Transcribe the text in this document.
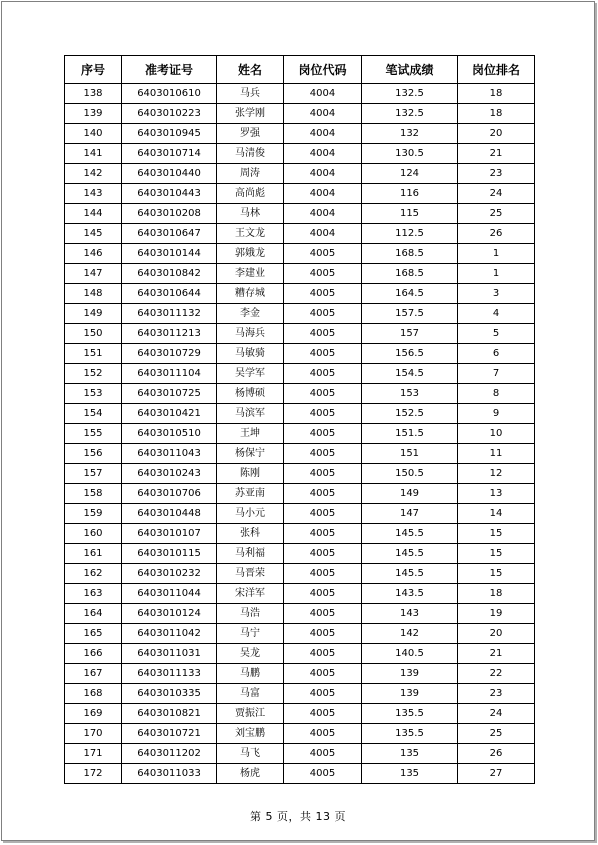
序号	准考证号	姓名	岗位代码	笔试成绩	岗位排名
138	6403010610	马兵	4004	132.5	18
139	6403010223	张学刚	4004	132.5	18
140	6403010945	罗强	4004	132	20
141	6403010714	马清俊	4004	130.5	21
142	6403010440	周涛	4004	124	23
143	6403010443	高尚彪	4004	116	24
144	6403010208	马林	4004	115	25
145	6403010647	王文龙	4004	112.5	26
146	6403010144	郭娥龙	4005	168.5	1
147	6403010842	李建业	4005	168.5	1
148	6403010644	糟存城	4005	164.5	3
149	6403011132	李金	4005	157.5	4
150	6403011213	马海兵	4005	157	5
151	6403010729	马敏骑	4005	156.5	6
152	6403011104	吴学军	4005	154.5	7
153	6403010725	杨博硕	4005	153	8
154	6403010421	马滨军	4005	152.5	9
155	6403010510	王坤	4005	151.5	10
156	6403011043	杨保宁	4005	151	11
157	6403010243	陈刚	4005	150.5	12
158	6403010706	苏亚南	4005	149	13
159	6403010448	马小元	4005	147	14
160	6403010107	张科	4005	145.5	15
161	6403010115	马利福	4005	145.5	15
162	6403010232	马晋荣	4005	145.5	15
163	6403011044	宋洋军	4005	143.5	18
164	6403010124	马浩	4005	143	19
165	6403011042	马宁	4005	142	20
166	6403011031	吴龙	4005	140.5	21
167	6403011133	马鹏	4005	139	22
168	6403010335	马富	4005	139	23
169	6403010821	贾振江	4005	135.5	24
170	6403010721	刘宝鹏	4005	135.5	25
171	6403011202	马飞	4005	135	26
172	6403011033	杨虎	4005	135	27
第 5 页，共 13 页
